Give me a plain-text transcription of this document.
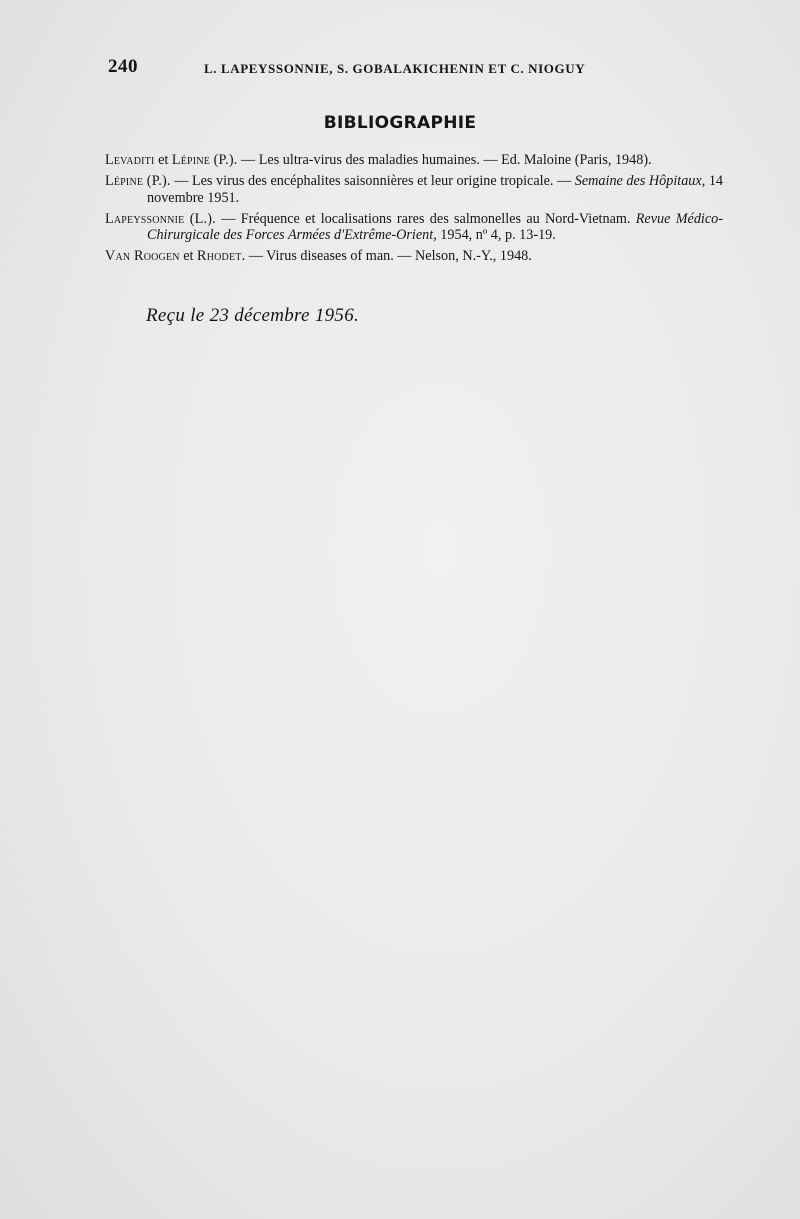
240	L. LAPEYSSONNIE, S. GOBALAKICHENIN ET C. NIOGUY
BIBLIOGRAPHIE
Levaditi et Lépine (P.). — Les ultra-virus des maladies humaines. — Ed. Maloine (Paris, 1948).
Lépine (P.). — Les virus des encéphalites saisonnières et leur origine tropicale. — Semaine des Hôpitaux, 14 novembre 1951.
Lapeyssonnie (L.). — Fréquence et localisations rares des salmonelles au Nord-Vietnam. Revue Médico-Chirurgicale des Forces Armées d'Extrême-Orient, 1954, nº 4, p. 13-19.
Van Roogen et Rhodet. — Virus diseases of man. — Nelson, N.-Y., 1948.
Reçu le 23 décembre 1956.
